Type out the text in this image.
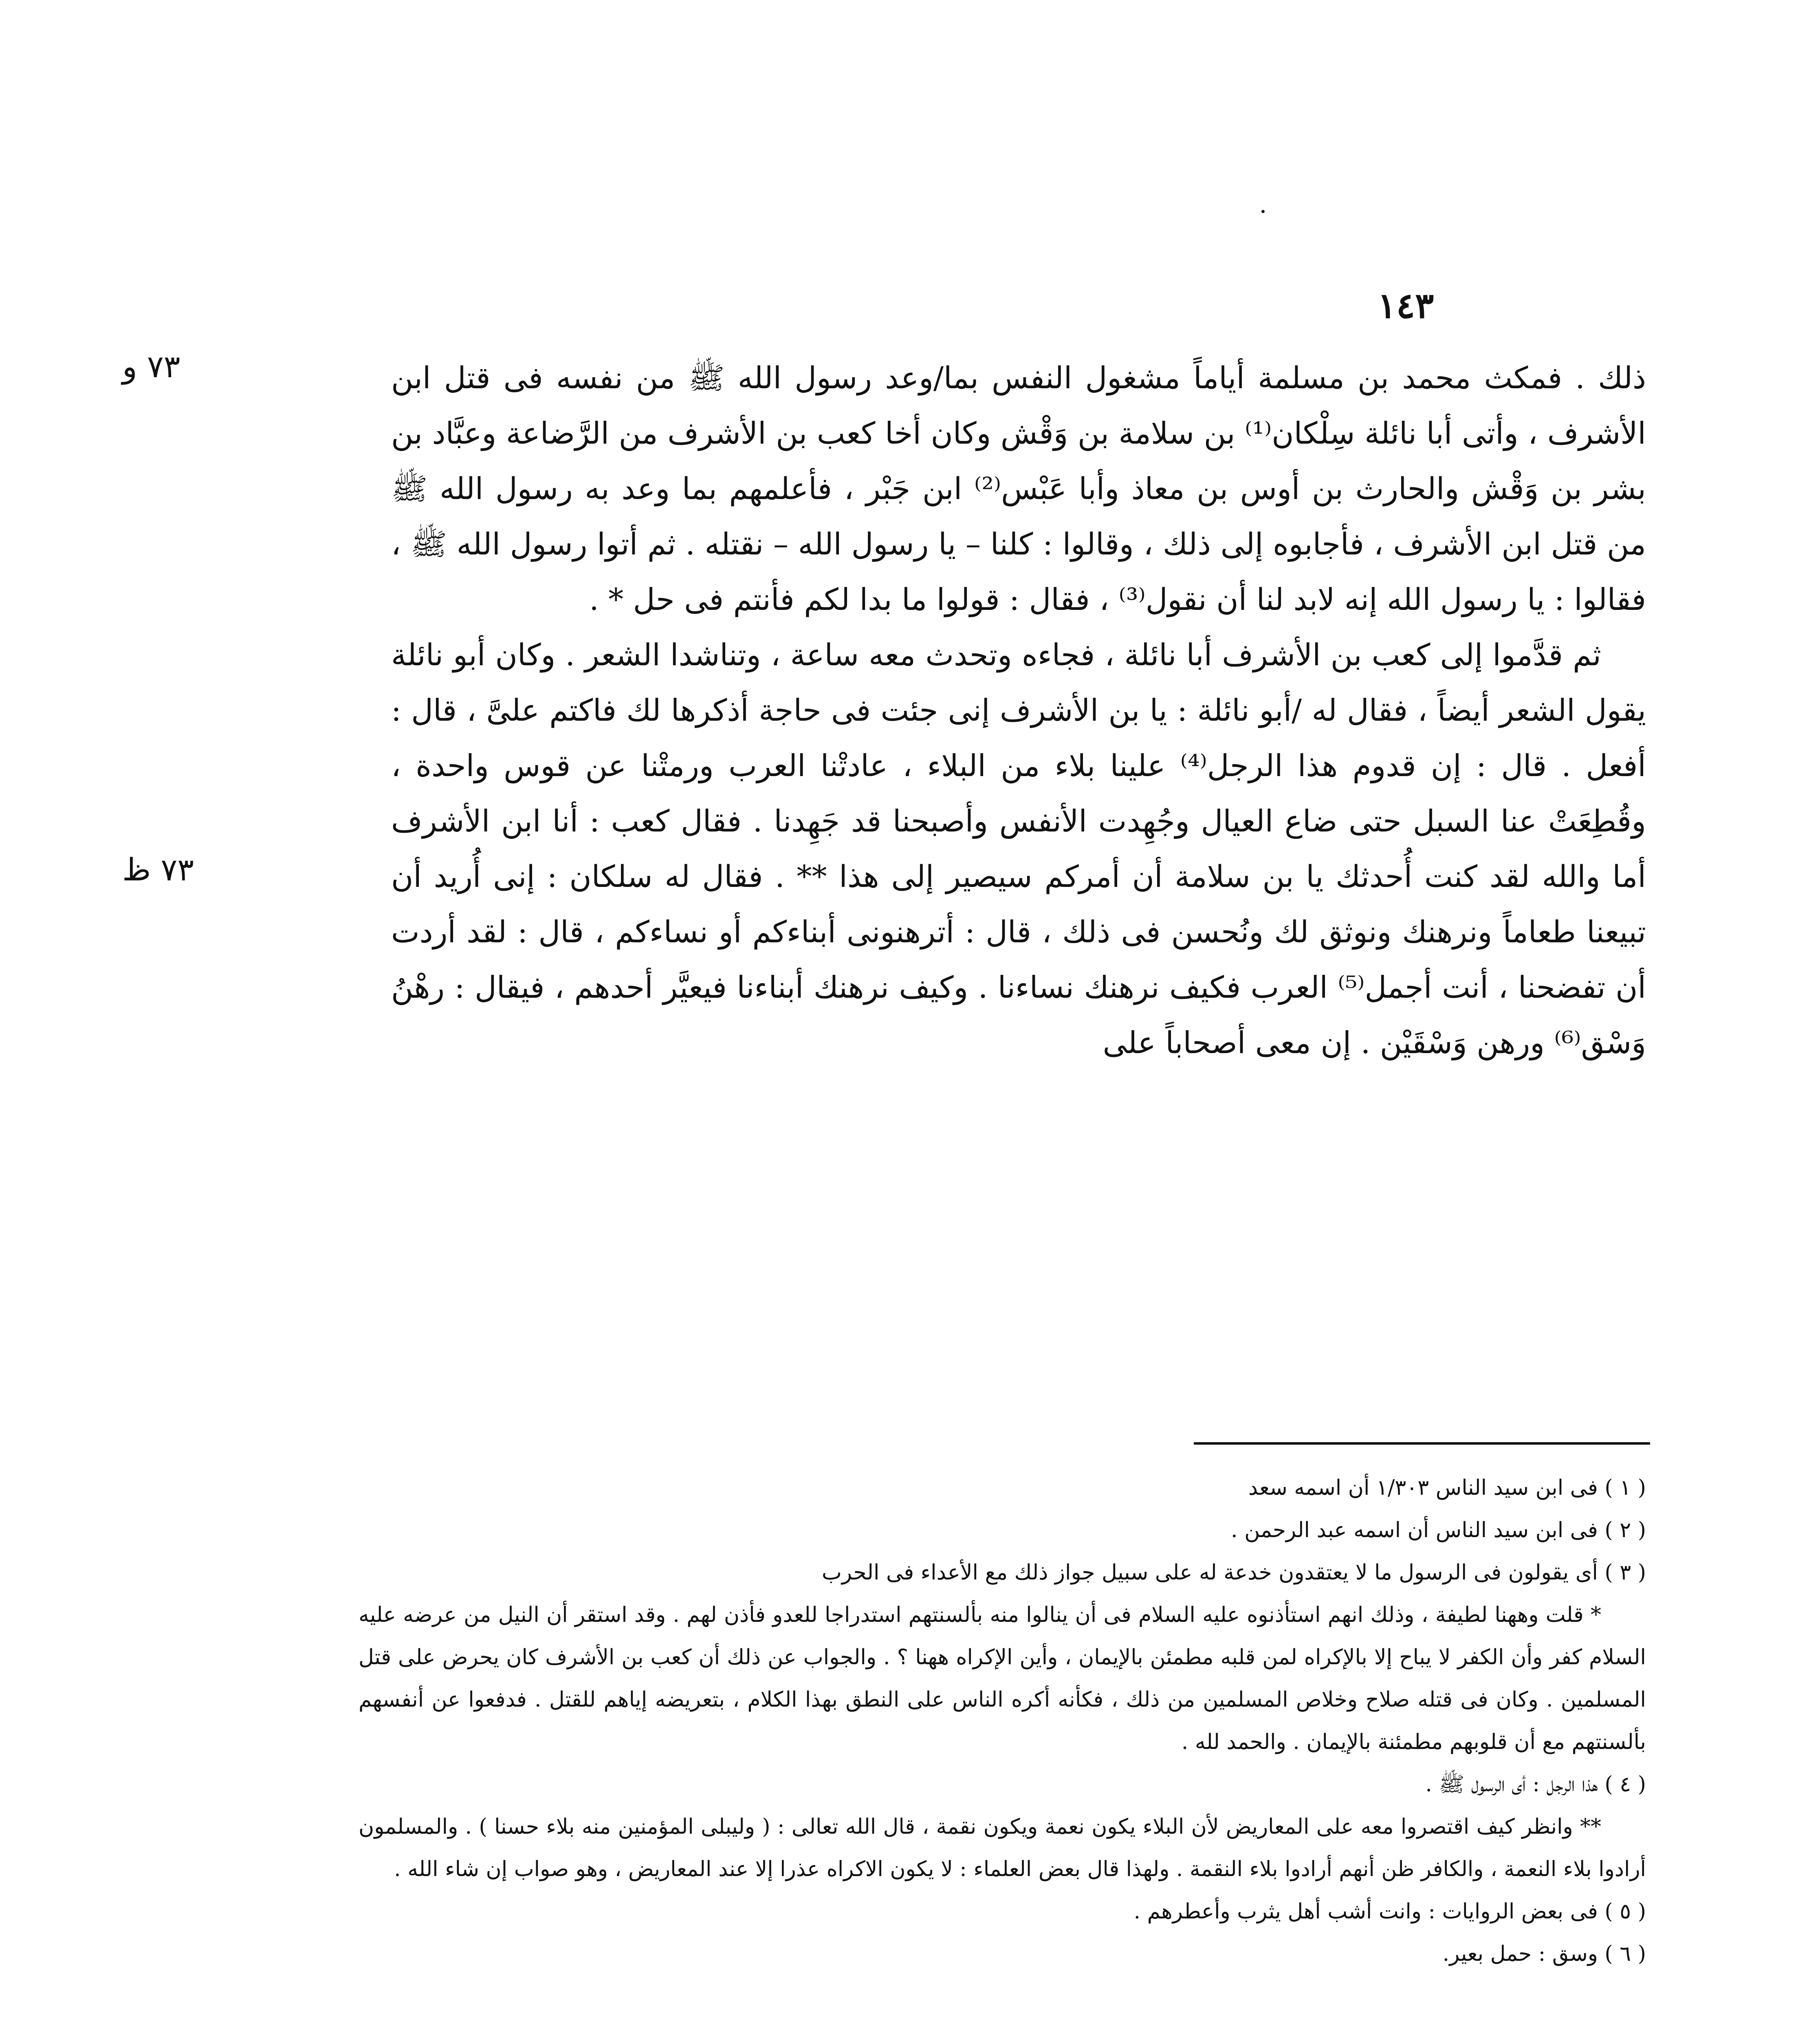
·
١٤٣
٧٣ و
٧٣ ظ

ذلك . فمكث محمد بن مسلمة أياماً مشغول النفس بما/وعد رسول الله ﷺ من نفسه فى قتل ابن الأشرف ، وأتى أبا نائلة سِلْكان⁽¹⁾ بن سلامة بن وَقْش وكان أخا كعب بن الأشرف من الرَّضاعة وعبَّاد بن بشر بن وَقْش والحارث بن أوس بن معاذ وأبا عَبْس⁽²⁾ ابن جَبْر ، فأعلمهم بما وعد به رسول الله ﷺ من قتل ابن الأشرف ، فأجابوه إلى ذلك ، وقالوا : كلنا – يا رسول الله – نقتله . ثم أتوا رسول الله ﷺ ، فقالوا : يا رسول الله إنه لابد لنا أن نقول⁽³⁾ ، فقال : قولوا ما بدا لكم فأنتم فى حل * .

ثم قدَّموا إلى كعب بن الأشرف أبا نائلة ، فجاءه وتحدث معه ساعة ، وتناشدا الشعر . وكان أبو نائلة يقول الشعر أيضاً ، فقال له /أبو نائلة : يا بن الأشرف إنى جئت فى حاجة أذكرها لك فاكتم علىَّ ، قال : أفعل . قال : إن قدوم هذا الرجل⁽⁴⁾ علينا بلاء من البلاء ، عادتْنا العرب ورمتْنا عن قوس واحدة ، وقُطِعَتْ عنا السبل حتى ضاع العيال وجُهِدت الأنفس وأصبحنا قد جَهِدنا . فقال كعب : أنا ابن الأشرف أما والله لقد كنت أُحدثك يا بن سلامة أن أمركم سيصير إلى هذا ** . فقال له سلكان : إنى أُريد أن تبيعنا طعاماً ونرهنك ونوثق لك ونُحسن فى ذلك ، قال : أترهنونى أبناءكم أو نساءكم ، قال : لقد أردت أن تفضحنا ، أنت أجمل⁽⁵⁾ العرب فكيف نرهنك نساءنا . وكيف نرهنك أبناءنا فيعيَّر أحدهم ، فيقال : رهْنُ وَسْق⁽⁶⁾ ورهن وَسْقَيْن . إن معى أصحاباً على

( ١ ) فى ابن سيد الناس ١/٣٠٣ أن اسمه سعد

( ٢ ) فى ابن سيد الناس أن اسمه عبد الرحمن .

( ٣ ) أى يقولون فى الرسول ما لا يعتقدون خدعة له على سبيل جواز ذلك مع الأعداء فى الحرب

* قلت وههنا لطيفة ، وذلك انهم استأذنوه عليه السلام فى أن ينالوا منه بألسنتهم استدراجا للعدو فأذن لهم . وقد استقر أن النيل من عرضه عليه السلام كفر وأن الكفر لا يباح إلا بالإكراه لمن قلبه مطمئن بالإيمان ، وأين الإكراه ههنا ؟ . والجواب عن ذلك أن كعب بن الأشرف كان يحرض على قتل المسلمين . وكان فى قتله صلاح وخلاص المسلمين من ذلك ، فكأنه أكره الناس على النطق بهذا الكلام ، بتعريضه إياهم للقتل . فدفعوا عن أنفسهم بألسنتهم مع أن قلوبهم مطمئنة بالإيمان . والحمد لله .

( ٤ ) هذا الرجل : أى الرسول ﷺ .

** وانظر كيف اقتصروا معه على المعاريض لأن البلاء يكون نعمة ويكون نقمة ، قال الله تعالى : ( وليبلى المؤمنين منه بلاء حسنا ) . والمسلمون أرادوا بلاء النعمة ، والكافر ظن أنهم أرادوا بلاء النقمة . ولهذا قال بعض العلماء : لا يكون الاكراه عذرا إلا عند المعاريض ، وهو صواب إن شاء الله .

( ٥ ) فى بعض الروايات : وانت أشب أهل يثرب وأعطرهم .

( ٦ ) وسق : حمل بعير.
